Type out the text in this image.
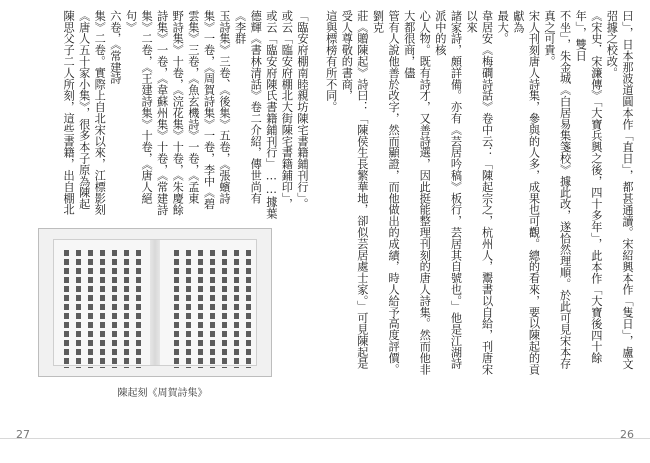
「臨安府棚南睦親坊陳宅書籍鋪刊行」。
或云「臨安府棚北大街陳宅書籍鋪印」，
或云「臨安府陳氏書籍鋪刊行」……據葉
德輝《書林清話》卷二介紹，傳世尚有《李群
玉詩集》三卷、《後集》五卷，《張蠙詩
集》一卷，《周賀詩集》一卷，李中《碧
雲集》三卷，《魚玄機詩》一卷，《孟東
野詩集》十卷，《浣花集》十卷，《朱慶餘
詩集》一卷，《韋蘇州集》十卷，《常建詩
集》二卷，《王建詩集》十卷，《唐人絕句》
六卷，《常建詩
集》二卷。實際上自北宋以來，江標影刻
《唐人五十家小集》，很多本子原為陳起
陳思父子二人所刻，這些書籍，出自棚北
陳起刻《周賀詩集》
27
曰」，日本那波道圓本作「直日」，都甚通讀。宋紹興本作「隻日」，盧文弨據之校改。
《宋史．宋濂傳》「大寶兵興之後，四十多年」，此本作「大寶後四十餘年」，雙日
不坐」，朱金城《白居易集箋校》據此改，遂恰然理順。於此可見宋本存真之可貴。
宋人刊刻唐人詩集，參與的人多，成果也可觀。總的看來，要以陳起的貢獻為
最大。
韋居安《梅磵詩話》卷中云：「陳起宗之，杭州人，鬻書以自給，刊唐宋以來
諸家詩，頗詳備。亦有《芸居吟稿》板行，芸居其自號也。」他是江湖詩派中的核
心人物。既有詩才，又善詩選，因此挺能整理刊刻的唐人詩集。然而他非大都很商，儘
管有人說他善於改字，然而顯證，而他做出的成績，時人給予高度評價。劉克
莊《贈陳起》詩曰：「陳侯生長繁華地，卻似芸居處士家。」可見陳起是受人尊敬的書商，
這與標榜有所不同。

26
